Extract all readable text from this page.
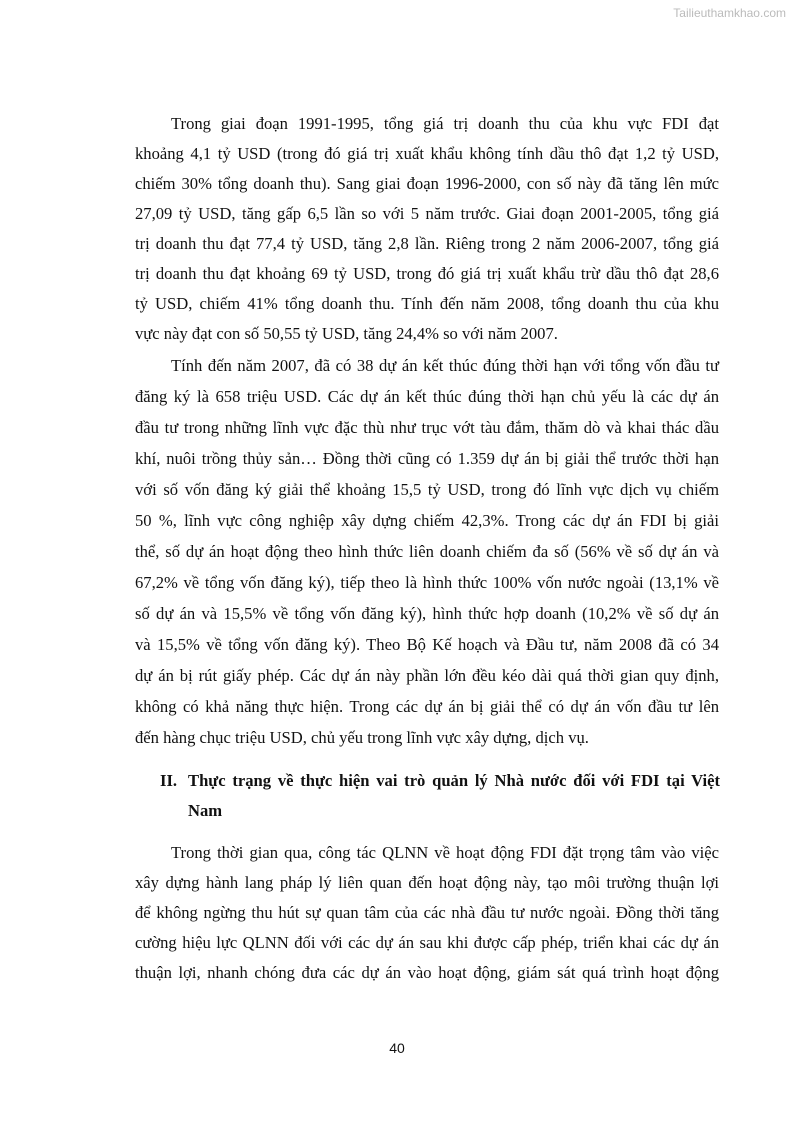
Tailieuthamkhao.com
Trong giai đoạn 1991-1995, tổng giá trị doanh thu của khu vực FDI đạt
khoảng 4,1 tỷ USD (trong đó giá trị xuất khẩu không tính dầu thô đạt 1,2 tỷ USD,
chiếm 30% tổng doanh thu). Sang giai đoạn 1996-2000, con số này đã tăng lên mức
27,09 tỷ USD, tăng gấp 6,5 lần so với 5 năm trước. Giai đoạn 2001-2005, tổng giá
trị doanh thu đạt 77,4 tỷ USD, tăng 2,8 lần. Riêng trong 2 năm 2006-2007, tổng giá
trị doanh thu đạt khoảng 69 tỷ USD, trong đó giá trị xuất khẩu trừ dầu thô đạt 28,6
tỷ USD, chiếm 41% tổng doanh thu. Tính đến năm 2008, tổng doanh thu của khu
vực này đạt con số 50,55 tỷ USD, tăng 24,4% so với năm 2007.
Tính đến năm 2007, đã có 38 dự án kết thúc đúng thời hạn với tổng vốn đầu tư
đăng ký là 658 triệu USD. Các dự án kết thúc đúng thời hạn chủ yếu là các dự án
đầu tư trong những lĩnh vực đặc thù như trục vớt tàu đắm, thăm dò và khai thác dầu
khí, nuôi trồng thủy sản… Đồng thời cũng có 1.359 dự án bị giải thể trước thời hạn
với số vốn đăng ký giải thể khoảng 15,5 tỷ USD, trong đó lĩnh vực dịch vụ chiếm
50 %, lĩnh vực công nghiệp xây dựng chiếm 42,3%. Trong các dự án FDI bị giải
thể, số dự án hoạt động theo hình thức liên doanh chiếm đa số (56% về số dự án và
67,2% về tổng vốn đăng ký), tiếp theo là hình thức 100% vốn nước ngoài (13,1% về
số dự án và 15,5% về tổng vốn đăng ký), hình thức hợp doanh (10,2% về số dự án
và 15,5% về tổng vốn đăng ký). Theo Bộ Kế hoạch và Đầu tư, năm 2008 đã có 34
dự án bị rút giấy phép. Các dự án này phần lớn đều kéo dài quá thời gian quy định,
không có khả năng thực hiện. Trong các dự án bị giải thể có dự án vốn đầu tư lên
đến hàng chục triệu USD, chủ yếu trong lĩnh vực xây dựng, dịch vụ.
II. Thực trạng về thực hiện vai trò quản lý Nhà nước đối với FDI tại Việt
Nam
Trong thời gian qua, công tác QLNN về hoạt động FDI đặt trọng tâm vào việc
xây dựng hành lang pháp lý liên quan đến hoạt động này, tạo môi trường thuận lợi
để không ngừng thu hút sự quan tâm của các nhà đầu tư nước ngoài. Đồng thời tăng
cường hiệu lực QLNN đối với các dự án sau khi được cấp phép, triển khai các dự án
thuận lợi, nhanh chóng đưa các dự án vào hoạt động, giám sát quá trình hoạt động
40
